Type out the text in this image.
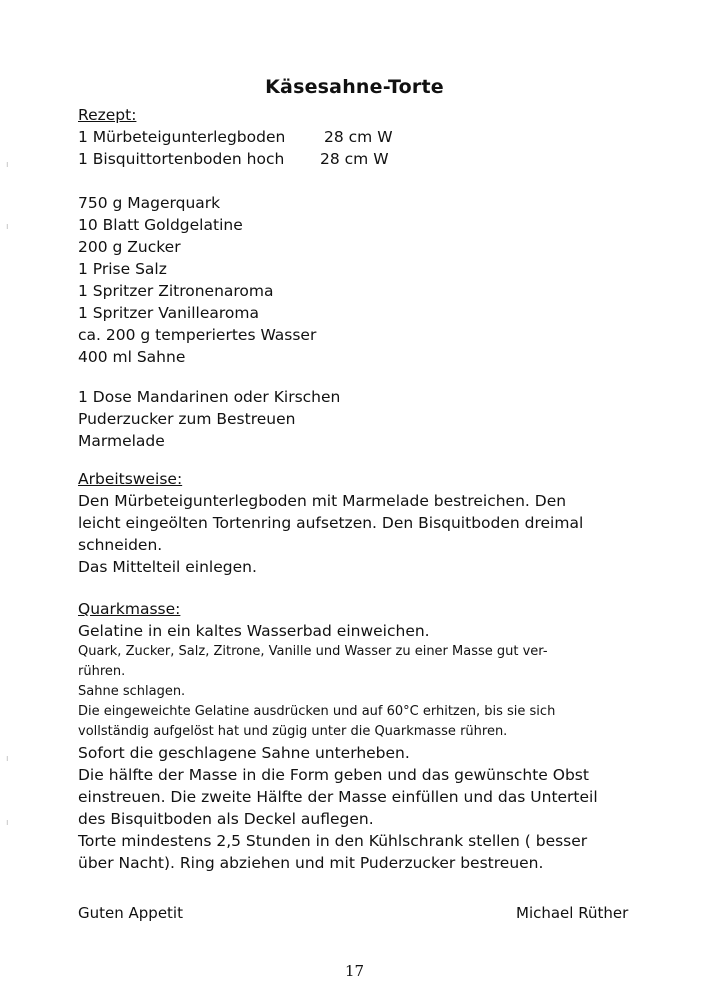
Käsesahne-Torte
Rezept:
1 Mürbeteigunterlegboden	28 cm W
1 Bisquittortenboden hoch	28 cm W
750 g Magerquark
10 Blatt Goldgelatine
200 g Zucker
1 Prise Salz
1 Spritzer Zitronenaroma
1 Spritzer Vanillearoma
ca. 200 g temperiertes Wasser
400 ml Sahne
1 Dose Mandarinen oder Kirschen
Puderzucker zum Bestreuen
Marmelade
Arbeitsweise:
Den Mürbeteigunterlegboden mit Marmelade bestreichen. Den
leicht eingeölten Tortenring aufsetzen. Den Bisquitboden dreimal
schneiden.
Das Mittelteil einlegen.
Quarkmasse:
Gelatine in ein kaltes Wasserbad einweichen.
Quark, Zucker, Salz, Zitrone, Vanille und Wasser zu einer Masse gut ver-
rühren.
Sahne schlagen.
Die eingeweichte Gelatine ausdrücken und auf 60°C erhitzen, bis sie sich
vollständig aufgelöst hat und zügig unter die Quarkmasse rühren.
Sofort die geschlagene Sahne unterheben.
Die hälfte der Masse in die Form geben und das gewünschte Obst
einstreuen. Die zweite Hälfte der Masse einfüllen und das Unterteil
des Bisquitboden als Deckel auflegen.
Torte mindestens 2,5 Stunden in den Kühlschrank stellen ( besser
über Nacht). Ring abziehen und mit Puderzucker bestreuen.
Guten Appetit	Michael Rüther
17
ı
ı
ı
ı
